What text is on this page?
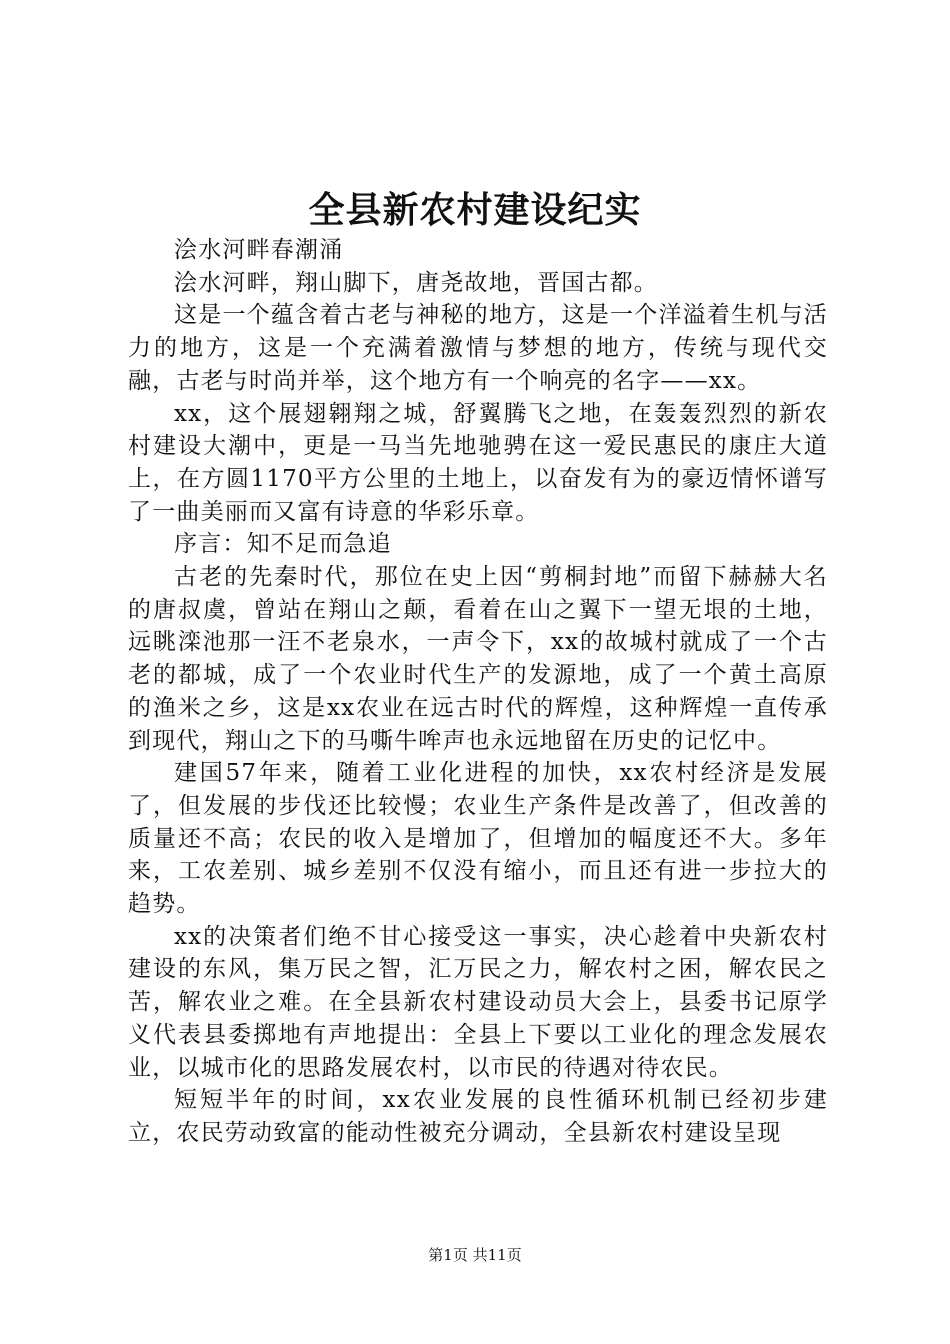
全县新农村建设纪实

浍水河畔春潮涌

浍水河畔，翔山脚下，唐尧故地，晋国古都。

这是一个蕴含着古老与神秘的地方，这是一个洋溢着生机与活力的地方，这是一个充满着激情与梦想的地方，传统与现代交融，古老与时尚并举，这个地方有一个响亮的名字——xx。

xx，这个展翅翱翔之城，舒翼腾飞之地，在轰轰烈烈的新农村建设大潮中，更是一马当先地驰骋在这一爱民惠民的康庄大道上，在方圆1170平方公里的土地上，以奋发有为的豪迈情怀谱写了一曲美丽而又富有诗意的华彩乐章。

序言：知不足而急追

古老的先秦时代，那位在史上因“剪桐封地”而留下赫赫大名的唐叔虞，曾站在翔山之颠，看着在山之翼下一望无垠的土地，远眺滦池那一汪不老泉水，一声令下，xx的故城村就成了一个古老的都城，成了一个农业时代生产的发源地，成了一个黄土高原的渔米之乡，这是xx农业在远古时代的辉煌，这种辉煌一直传承到现代，翔山之下的马嘶牛哞声也永远地留在历史的记忆中。

建国57年来，随着工业化进程的加快，xx农村经济是发展了，但发展的步伐还比较慢；农业生产条件是改善了，但改善的质量还不高；农民的收入是增加了，但增加的幅度还不大。多年来，工农差别、城乡差别不仅没有缩小，而且还有进一步拉大的趋势。

xx的决策者们绝不甘心接受这一事实，决心趁着中央新农村建设的东风，集万民之智，汇万民之力，解农村之困，解农民之苦，解农业之难。在全县新农村建设动员大会上，县委书记原学义代表县委掷地有声地提出：全县上下要以工业化的理念发展农业，以城市化的思路发展农村，以市民的待遇对待农民。

短短半年的时间，xx农业发展的良性循环机制已经初步建立，农民劳动致富的能动性被充分调动，全县新农村建设呈现

第1页 共11页
